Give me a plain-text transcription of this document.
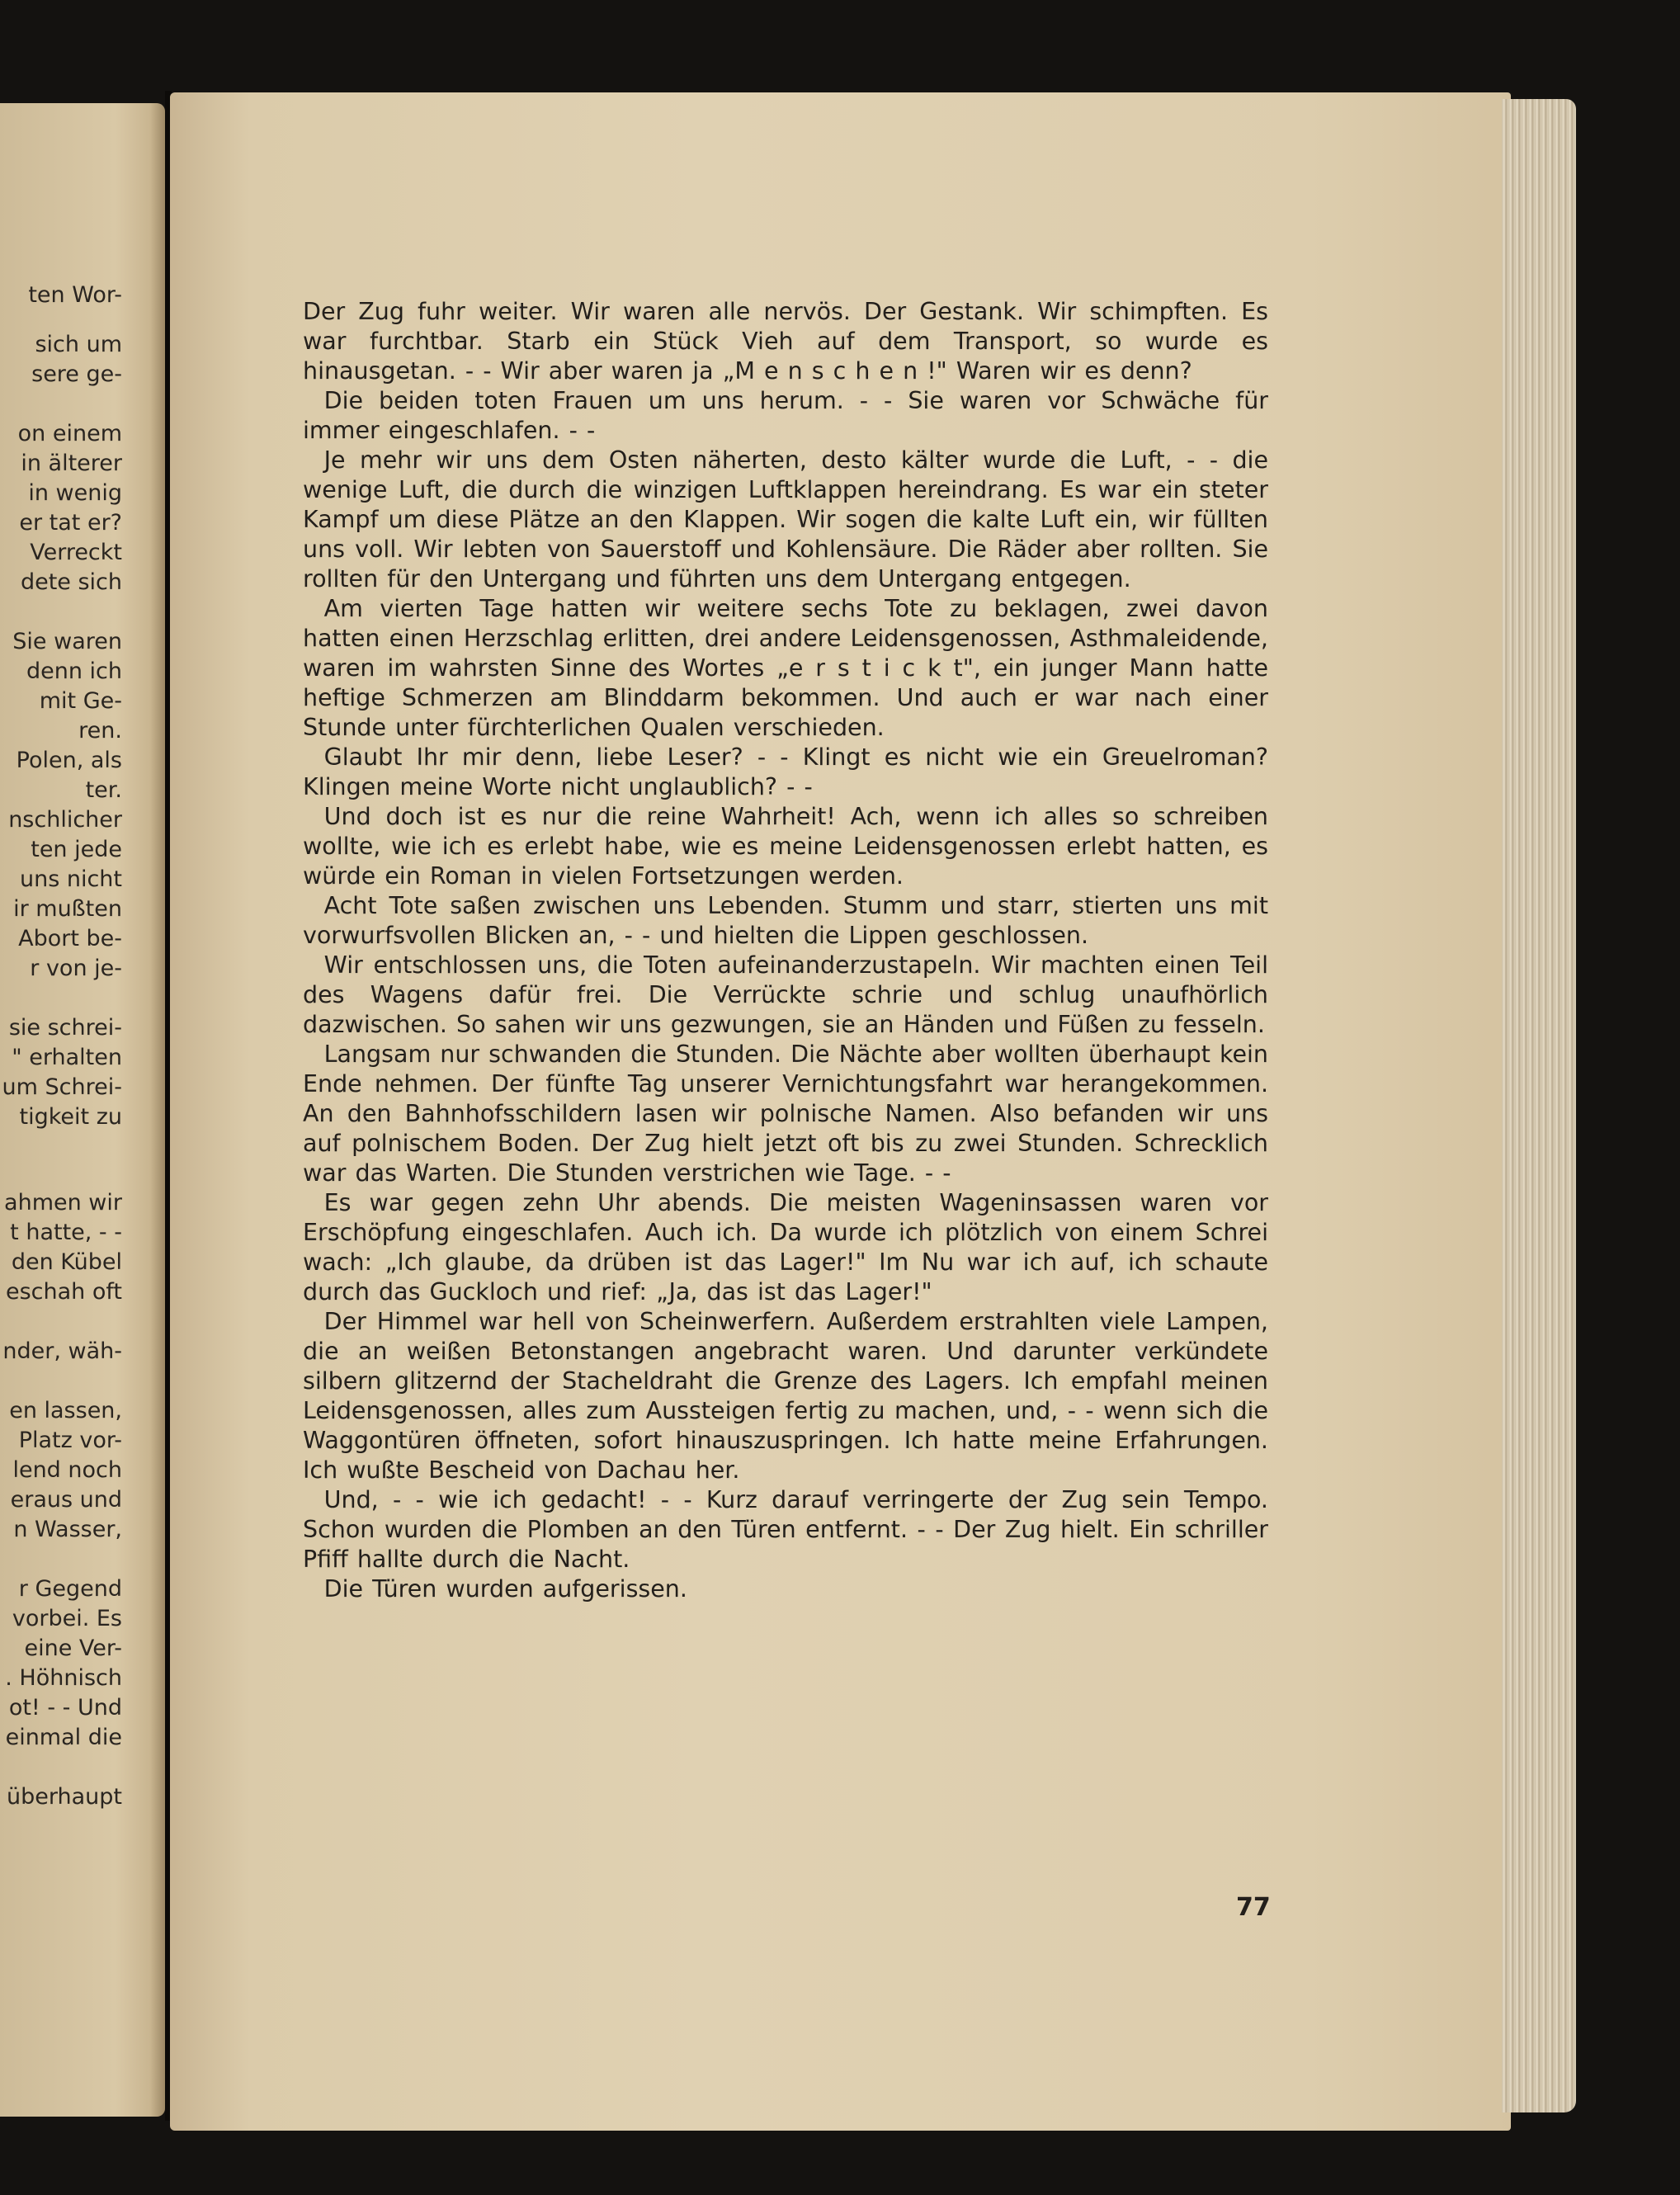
ten Wor-
sich um
sere ge-
on einem
in älterer
in wenig
er tat er?
Verreckt
dete sich
Sie waren
denn ich
mit Ge-
ren.
Polen, als
ter.
nschlicher
ten jede
uns nicht
ir mußten
Abort be-
r von je-
sie schrei-
" erhalten
um Schrei-
tigkeit zu
ahmen wir
t hatte, - -
den Kübel
eschah oft
nder, wäh-
en lassen,
Platz vor-
lend noch
eraus und
n Wasser,
r Gegend
vorbei. Es
eine Ver-
. Höhnisch
ot! - - Und
einmal die
überhaupt

Der Zug fuhr weiter. Wir waren alle nervös. Der Gestank. Wir schimpften. Es war furchtbar. Starb ein Stück Vieh auf dem Transport, so wurde es hinausgetan. - - Wir aber waren ja „M e n s c h e n !" Waren wir es denn?

Die beiden toten Frauen um uns herum. - - Sie waren vor Schwäche für immer eingeschlafen. - -

Je mehr wir uns dem Osten näherten, desto kälter wurde die Luft, - - die wenige Luft, die durch die winzigen Luftklappen hereindrang. Es war ein steter Kampf um diese Plätze an den Klappen. Wir sogen die kalte Luft ein, wir füllten uns voll. Wir lebten von Sauerstoff und Kohlensäure. Die Räder aber rollten. Sie rollten für den Untergang und führten uns dem Untergang entgegen.

Am vierten Tage hatten wir weitere sechs Tote zu beklagen, zwei davon hatten einen Herzschlag erlitten, drei andere Leidensgenossen, Asthmaleidende, waren im wahrsten Sinne des Wortes „e r s t i c k t", ein junger Mann hatte heftige Schmerzen am Blinddarm bekommen. Und auch er war nach einer Stunde unter fürchterlichen Qualen verschieden.

Glaubt Ihr mir denn, liebe Leser? - - Klingt es nicht wie ein Greuelroman? Klingen meine Worte nicht unglaublich? - -

Und doch ist es nur die reine Wahrheit! Ach, wenn ich alles so schreiben wollte, wie ich es erlebt habe, wie es meine Leidensgenossen erlebt hatten, es würde ein Roman in vielen Fortsetzungen werden.

Acht Tote saßen zwischen uns Lebenden. Stumm und starr, stierten uns mit vorwurfsvollen Blicken an, - - und hielten die Lippen geschlossen.

Wir entschlossen uns, die Toten aufeinanderzustapeln. Wir machten einen Teil des Wagens dafür frei. Die Verrückte schrie und schlug unaufhörlich dazwischen. So sahen wir uns gezwungen, sie an Händen und Füßen zu fesseln.

Langsam nur schwanden die Stunden. Die Nächte aber wollten überhaupt kein Ende nehmen. Der fünfte Tag unserer Vernichtungsfahrt war herangekommen. An den Bahnhofsschildern lasen wir polnische Namen. Also befanden wir uns auf polnischem Boden. Der Zug hielt jetzt oft bis zu zwei Stunden. Schrecklich war das Warten. Die Stunden verstrichen wie Tage. - -

Es war gegen zehn Uhr abends. Die meisten Wageninsassen waren vor Erschöpfung eingeschlafen. Auch ich. Da wurde ich plötzlich von einem Schrei wach: „Ich glaube, da drüben ist das Lager!" Im Nu war ich auf, ich schaute durch das Guckloch und rief: „Ja, das ist das Lager!"

Der Himmel war hell von Scheinwerfern. Außerdem erstrahlten viele Lampen, die an weißen Betonstangen angebracht waren. Und darunter verkündete silbern glitzernd der Stacheldraht die Grenze des Lagers. Ich empfahl meinen Leidensgenossen, alles zum Aussteigen fertig zu machen, und, - - wenn sich die Waggontüren öffneten, sofort hinauszuspringen. Ich hatte meine Erfahrungen. Ich wußte Bescheid von Dachau her.

Und, - - wie ich gedacht! - - Kurz darauf verringerte der Zug sein Tempo. Schon wurden die Plomben an den Türen entfernt. - - Der Zug hielt. Ein schriller Pfiff hallte durch die Nacht.

Die Türen wurden aufgerissen.

77
